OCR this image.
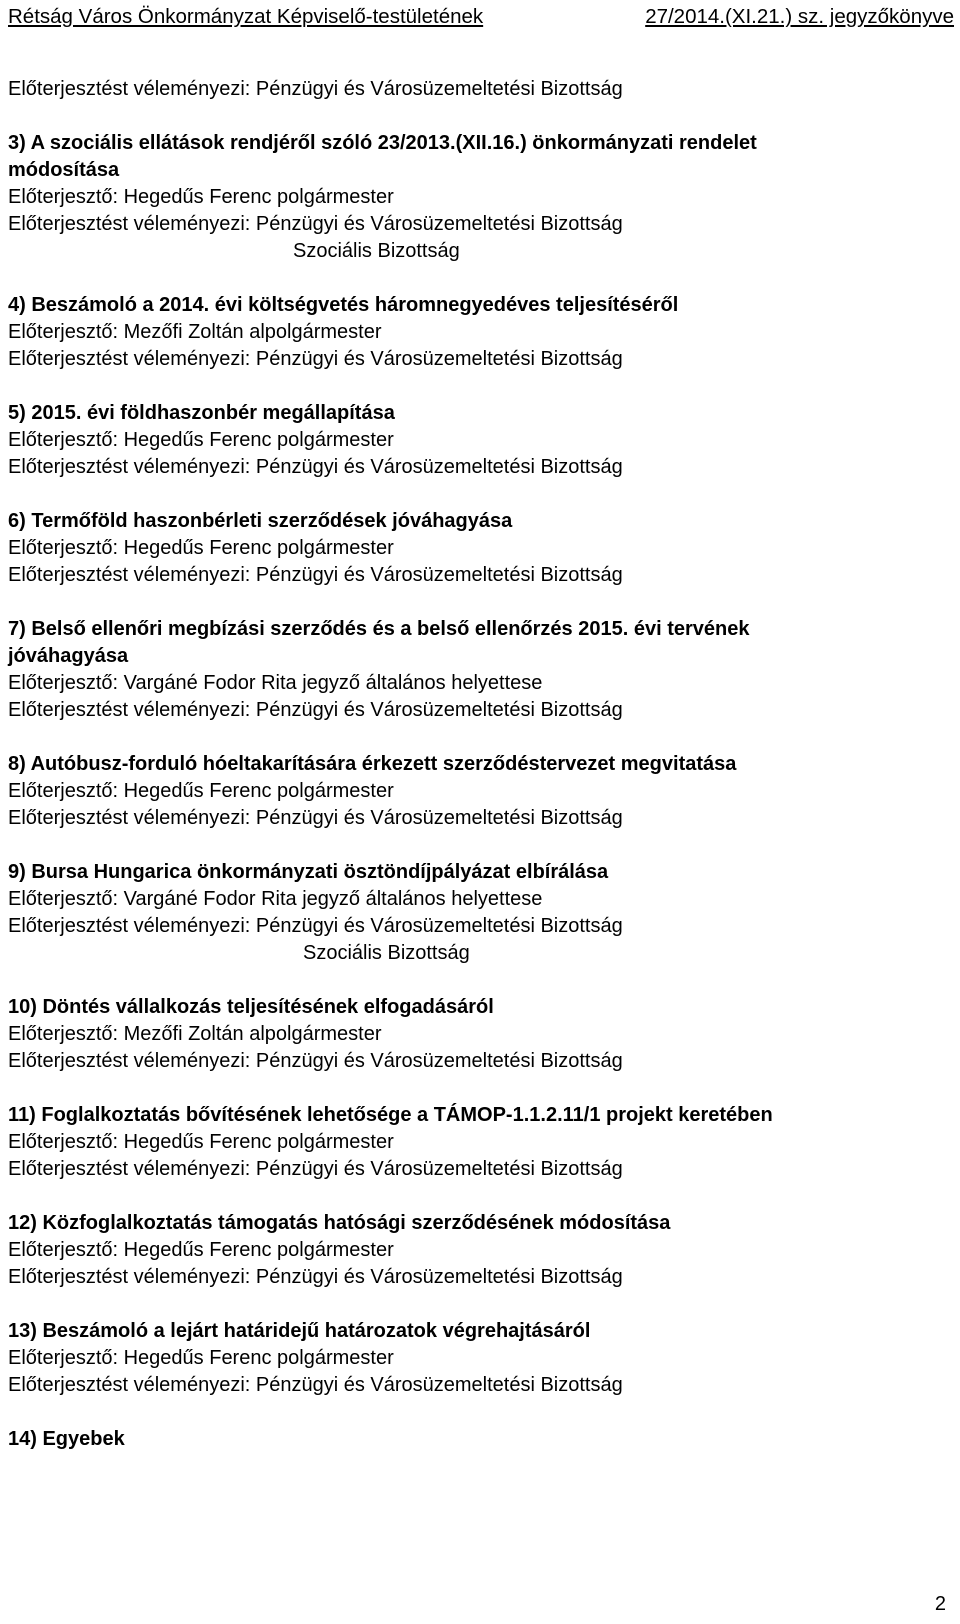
Rétság Város Önkormányzat Képviselő-testületének	27/2014.(XI.21.) sz. jegyzőkönyve

Előterjesztést véleményezi: Pénzügyi és Városüzemeltetési Bizottság

3) A szociális ellátások rendjéről szóló 23/2013.(XII.16.) önkormányzati rendelet

módosítása

Előterjesztő: Hegedűs Ferenc polgármester

Előterjesztést véleményezi: Pénzügyi és Városüzemeltetési Bizottság

Szociális Bizottság

4) Beszámoló a 2014. évi költségvetés háromnegyedéves teljesítéséről

Előterjesztő: Mezőfi Zoltán alpolgármester

Előterjesztést véleményezi: Pénzügyi és Városüzemeltetési Bizottság

5) 2015. évi földhaszonbér megállapítása

Előterjesztő: Hegedűs Ferenc polgármester

Előterjesztést véleményezi: Pénzügyi és Városüzemeltetési Bizottság

6) Termőföld haszonbérleti szerződések jóváhagyása

Előterjesztő: Hegedűs Ferenc polgármester

Előterjesztést véleményezi: Pénzügyi és Városüzemeltetési Bizottság

7) Belső ellenőri megbízási szerződés és a belső ellenőrzés 2015. évi tervének

jóváhagyása

Előterjesztő: Vargáné Fodor Rita jegyző általános helyettese

Előterjesztést véleményezi: Pénzügyi és Városüzemeltetési Bizottság

8) Autóbusz-forduló hóeltakarítására érkezett szerződéstervezet megvitatása

Előterjesztő: Hegedűs Ferenc polgármester

Előterjesztést véleményezi: Pénzügyi és Városüzemeltetési Bizottság

9) Bursa Hungarica önkormányzati ösztöndíjpályázat elbírálása

Előterjesztő: Vargáné Fodor Rita jegyző általános helyettese

Előterjesztést véleményezi: Pénzügyi és Városüzemeltetési Bizottság

Szociális Bizottság

10) Döntés vállalkozás teljesítésének elfogadásáról

Előterjesztő: Mezőfi Zoltán alpolgármester

Előterjesztést véleményezi: Pénzügyi és Városüzemeltetési Bizottság

11) Foglalkoztatás bővítésének lehetősége a TÁMOP-1.1.2.11/1 projekt keretében

Előterjesztő: Hegedűs Ferenc polgármester

Előterjesztést véleményezi: Pénzügyi és Városüzemeltetési Bizottság

12) Közfoglalkoztatás támogatás hatósági szerződésének módosítása

Előterjesztő: Hegedűs Ferenc polgármester

Előterjesztést véleményezi: Pénzügyi és Városüzemeltetési Bizottság

13) Beszámoló a lejárt határidejű határozatok végrehajtásáról

Előterjesztő: Hegedűs Ferenc polgármester

Előterjesztést véleményezi: Pénzügyi és Városüzemeltetési Bizottság

14) Egyebek

2
